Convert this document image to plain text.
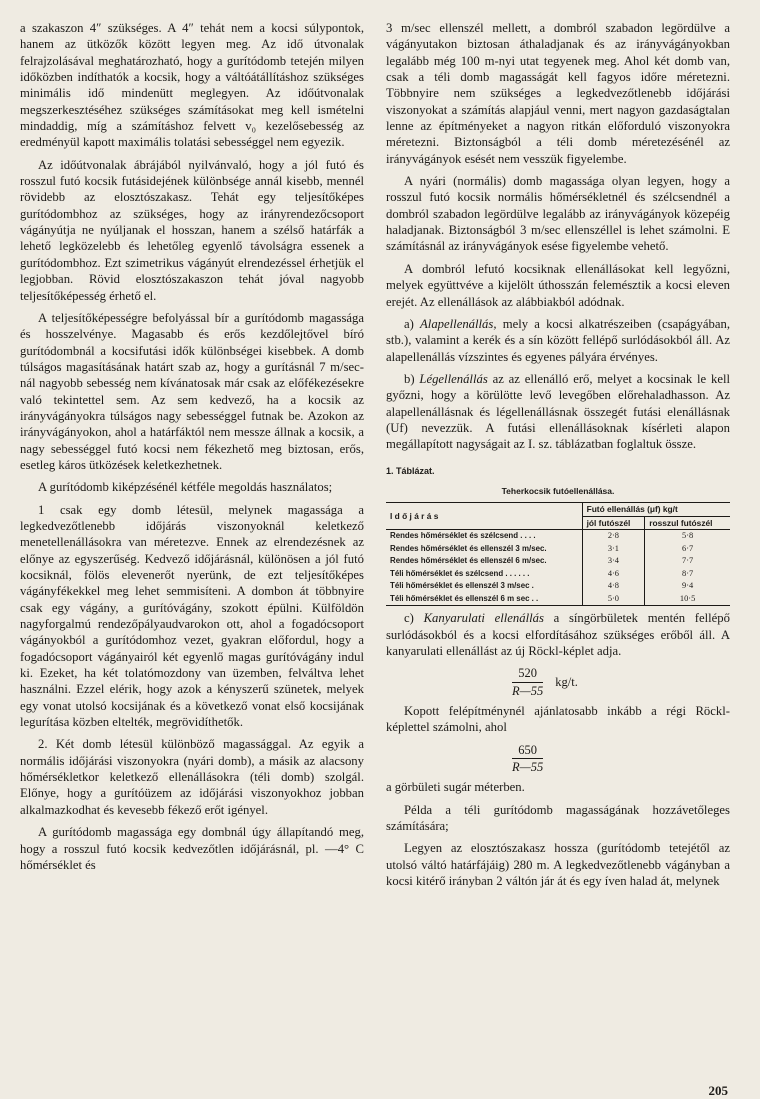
a szakaszon 4″ szükséges. A 4″ tehát nem a kocsi súlypontok, hanem az ütközők között legyen meg. Az idő útvonalak felrajzolásával meghatározható, hogy a gurítódomb tetején milyen időközben indíthatók a kocsik, hogy a váltóátállításhoz szükséges minimális idő mindenütt meglegyen. Az időútvonalak megszerkesztéséhez szükséges számításokat meg kell ismételni mindaddig, míg a számításhoz felvett v₀ kezelősebesség az eredményül kapott maximális tolatási sebességgel nem egyezik.

Az időútvonalak ábrájából nyilvánvaló, hogy a jól futó és rosszul futó kocsik futásidejének különbsége annál kisebb, mennél rövidebb az elosztószakasz. Tehát egy teljesítőképes gurítódombhoz az szükséges, hogy az irányrendezőcsoport vágányútja ne nyúljanak el hosszan, hanem a szélső határfák a lehető legközelebb és lehetőleg egyenlő távolságra essenek a gurítódombhoz. Ezt szimetrikus vágányút elrendezéssel érhetjük el legjobban. Rövid elosztószakaszon tehát jóval nagyobb teljesítőképesség érhető el.

A teljesítőképességre befolyással bír a gurítódomb magassága és hosszelvénye. Magasabb és erős kezdőlejtővel bíró gurítódombnál a kocsifutási idők különbségei kisebbek. A domb túlságos magasításának határt szab az, hogy a gurításnál 7 m/sec-nál nagyobb sebesség nem kívánatosak már csak az előfékezésekre való tekintettel sem. Az sem kedvező, ha a kocsik az irányvágányokra túlságos nagy sebességgel futnak be. Azokon az irányvágányokon, ahol a határfáktól nem messze állnak a kocsik, a nagy sebességgel futó kocsi nem fékezhető meg biztosan, erős, esetleg káros ütközések keletkezhetnek.

A gurítódomb kiképzésénél kétféle megoldás használatos;

1 csak egy domb létesül, melynek magassága a legkedvezőtlenebb időjárás viszonyoknál keletkező menetellenállásokra van méretezve. Ennek az elrendezésnek az előnye az egyszerűség. Kedvező időjárásnál, különösen a jól futó kocsiknál, fölös elevenerőt nyerünk, de ezt teljesítőképes vágányfékekkel meg lehet semmisíteni. A dombon át többnyire csak egy vágány, a gurítóvágány, szokott épülni. Külföldön nagyforgalmú rendezőpályaudvarokon ott, ahol a fogadócsoport vágányokból a gurítódomhoz vezet, gyakran előfordul, hogy a fogadócsoport vágányairól két egyenlő magas gurítóvágány indul ki. Ezeket, ha két tolatómozdony van üzemben, felváltva lehet használni. Ezzel elérik, hogy azok a kényszerű szünetek, melyek egy vonat utolsó kocsijának és a következő vonat első kocsijának legurítása közben eltelték, megrövidíthetők.

2. Két domb létesül különböző magassággal. Az egyik a normális időjárási viszonyokra (nyári domb), a másik az alacsony hőmérsékletkor keletkező ellenállásokra (téli domb) szolgál. Előnye, hogy a gurítóüzem az időjárási viszonyokhoz jobban alkalmazkodhat és kevesebb fékező erőt igényel.

A gurítódomb magassága egy dombnál úgy állapítandó meg, hogy a rosszul futó kocsik kedvezőtlen időjárásnál, pl. —4° C hőmérséklet és

3 m/sec ellenszél mellett, a dombról szabadon legördülve a vágányutakon biztosan áthaladjanak és az irányvágányokban legalább még 100 m-nyi utat tegyenek meg. Ahol két domb van, csak a téli domb magasságát kell fagyos időre méretezni. Többnyire nem szükséges a legkedvezőtlenebb időjárási viszonyokat a számítás alapjául venni, mert nagyon gazdaságtalan lenne az építményeket a nagyon ritkán előforduló viszonyokra méretezni. Biztonságból a téli domb méretezésénél az irányvágányok esését nem vesszük figyelembe.

A nyári (normális) domb magassága olyan legyen, hogy a rosszul futó kocsik normális hőmérsékletnél és szélcsendnél a dombról szabadon legördülve legalább az irányvágányok közepéig haladjanak. Biztonságból 3 m/sec ellenszéllel is lehet számolni. E számításnál az irányvágányok esése figyelembe vehető.

A dombról lefutó kocsiknak ellenállásokat kell legyőzni, melyek együttvéve a kijelölt úthosszán felemésztik a kocsi eleven erejét. Az ellenállások az alábbiakból adódnak.

a) Alapellenállás, mely a kocsi alkatrészeiben (csapágyában, stb.), valamint a kerék és a sín között fellépő surlódásokból áll. Az alapellenállás vízszintes és egyenes pályára érvényes.

b) Légellenállás az az ellenálló erő, melyet a kocsinak le kell győzni, hogy a körülötte levő levegőben előrehaladhasson. Az alapellenállásnak és légellenállásnak összegét futási elenállásnak (Uf) nevezzük. A futási ellenállásoknak kísérleti alapon megállapított nagyságait az I. sz. táblázatban foglaltuk össze.

1. Táblázat.
Teherkocsik futóellenállása.
I d ő j á r á s	Futó ellenállás (μf) kg/t	
	jól futószél	rosszul futószél
Rendes hőmérséklet és szélcsend . . . .	2·8	5·8
Rendes hőmérséklet és ellenszél 3 m/sec.	3·1	6·7
Rendes hőmérséklet és ellenszél 6 m/sec.	3·4	7·7
Téli hőmérséklet és szélcsend . . . . . .	4·6	8·7
Téli hőmérséklet és ellenszél 3 m/sec .	4·8	9·4
Téli hőmérséklet és ellenszél 6 m sec . .	5·0	10·5

c) Kanyarulati ellenállás a síngörbületek mentén fellépő surlódásokból és a kocsi elfordításához szükséges erőből áll. A kanyarulati ellenállást az új Röckl-képlet adja.

$\frac{520}{R—55} kg/t$.

Kopott felépítménynél ajánlatosabb inkább a régi Röckl-képlettel számolni, ahol

$\frac{650}{R—55}$

a görbületi sugár méterben.

Példa a téli gurítódomb magasságának hozzávetőleges számítására;

Legyen az elosztószakasz hossza (gurítódomb tetejétől az utolsó váltó határfájáig) 280 m. A legkedvezőtlenebb vágányban a kocsi kitérő irányban 2 váltón jár át és egy íven halad át, melynek

205
